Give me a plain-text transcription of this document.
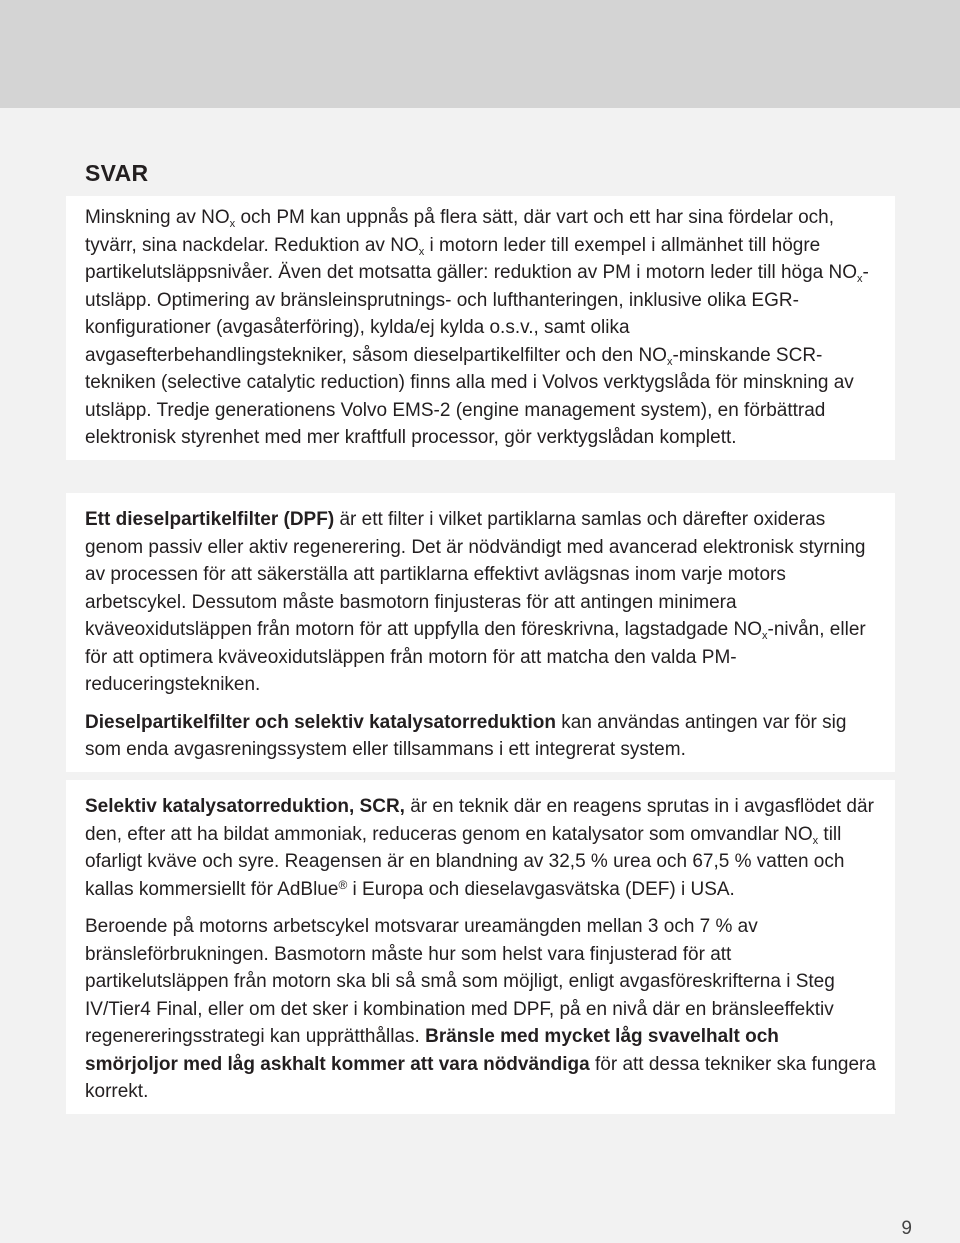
SVAR

Minskning av $NO_x$ och PM kan uppnås på flera sätt, där vart och ett har sina fördelar och, tyvärr, sina nackdelar. Reduktion av $NO_x$ i motorn leder till exempel i allmänhet till högre partikelutsläppsnivåer. Även det motsatta gäller: reduktion av PM i motorn leder till höga $NO_x$-utsläpp. Optimering av bränsleinsprutnings- och lufthanteringen, inklusive olika EGR-konfigurationer (avgasåterföring), kylda/ej kylda o.s.v., samt olika avgasefterbehandlingstekniker, såsom dieselpartikelfilter och den $NO_x$-minskande SCR-tekniken (selective catalytic reduction) finns alla med i Volvos verktygslåda för minskning av utsläpp. Tredje generationens Volvo EMS-2 (engine management system), en förbättrad elektronisk styrenhet med mer kraftfull processor, gör verktygslådan komplett.

Ett dieselpartikelfilter (DPF) är ett filter i vilket partiklarna samlas och därefter oxideras genom passiv eller aktiv regenerering. Det är nödvändigt med avancerad elektronisk styrning av processen för att säkerställa att partiklarna effektivt avlägsnas inom varje motors arbetscykel. Dessutom måste basmotorn finjusteras för att antingen minimera kväveoxidutsläppen från motorn för att uppfylla den föreskrivna, lagstadgade $NO_x$-nivån, eller för att optimera kväveoxidutsläppen från motorn för att matcha den valda PM-reduceringstekniken.

Dieselpartikelfilter och selektiv katalysatorreduktion kan användas antingen var för sig som enda avgasreningssystem eller tillsammans i ett integrerat system.

Selektiv katalysatorreduktion, SCR, är en teknik där en reagens sprutas in i avgasflödet där den, efter att ha bildat ammoniak, reduceras genom en katalysator som omvandlar $NO_x$ till ofarligt kväve och syre. Reagensen är en blandning av 32,5 % urea och 67,5 % vatten och kallas kommersiellt för AdBlue® i Europa och dieselavgasvätska (DEF) i USA.

Beroende på motorns arbetscykel motsvarar ureamängden mellan 3 och 7 % av bränsleförbrukningen. Basmotorn måste hur som helst vara finjusterad för att partikelutsläppen från motorn ska bli så små som möjligt, enligt avgasföreskrifterna i Steg IV/Tier4 Final, eller om det sker i kombination med DPF, på en nivå där en bränsleeffektiv regenereringsstrategi kan upprätthållas. Bränsle med mycket låg svavelhalt och smörjoljor med låg askhalt kommer att vara nödvändiga för att dessa tekniker ska fungera korrekt.

9
